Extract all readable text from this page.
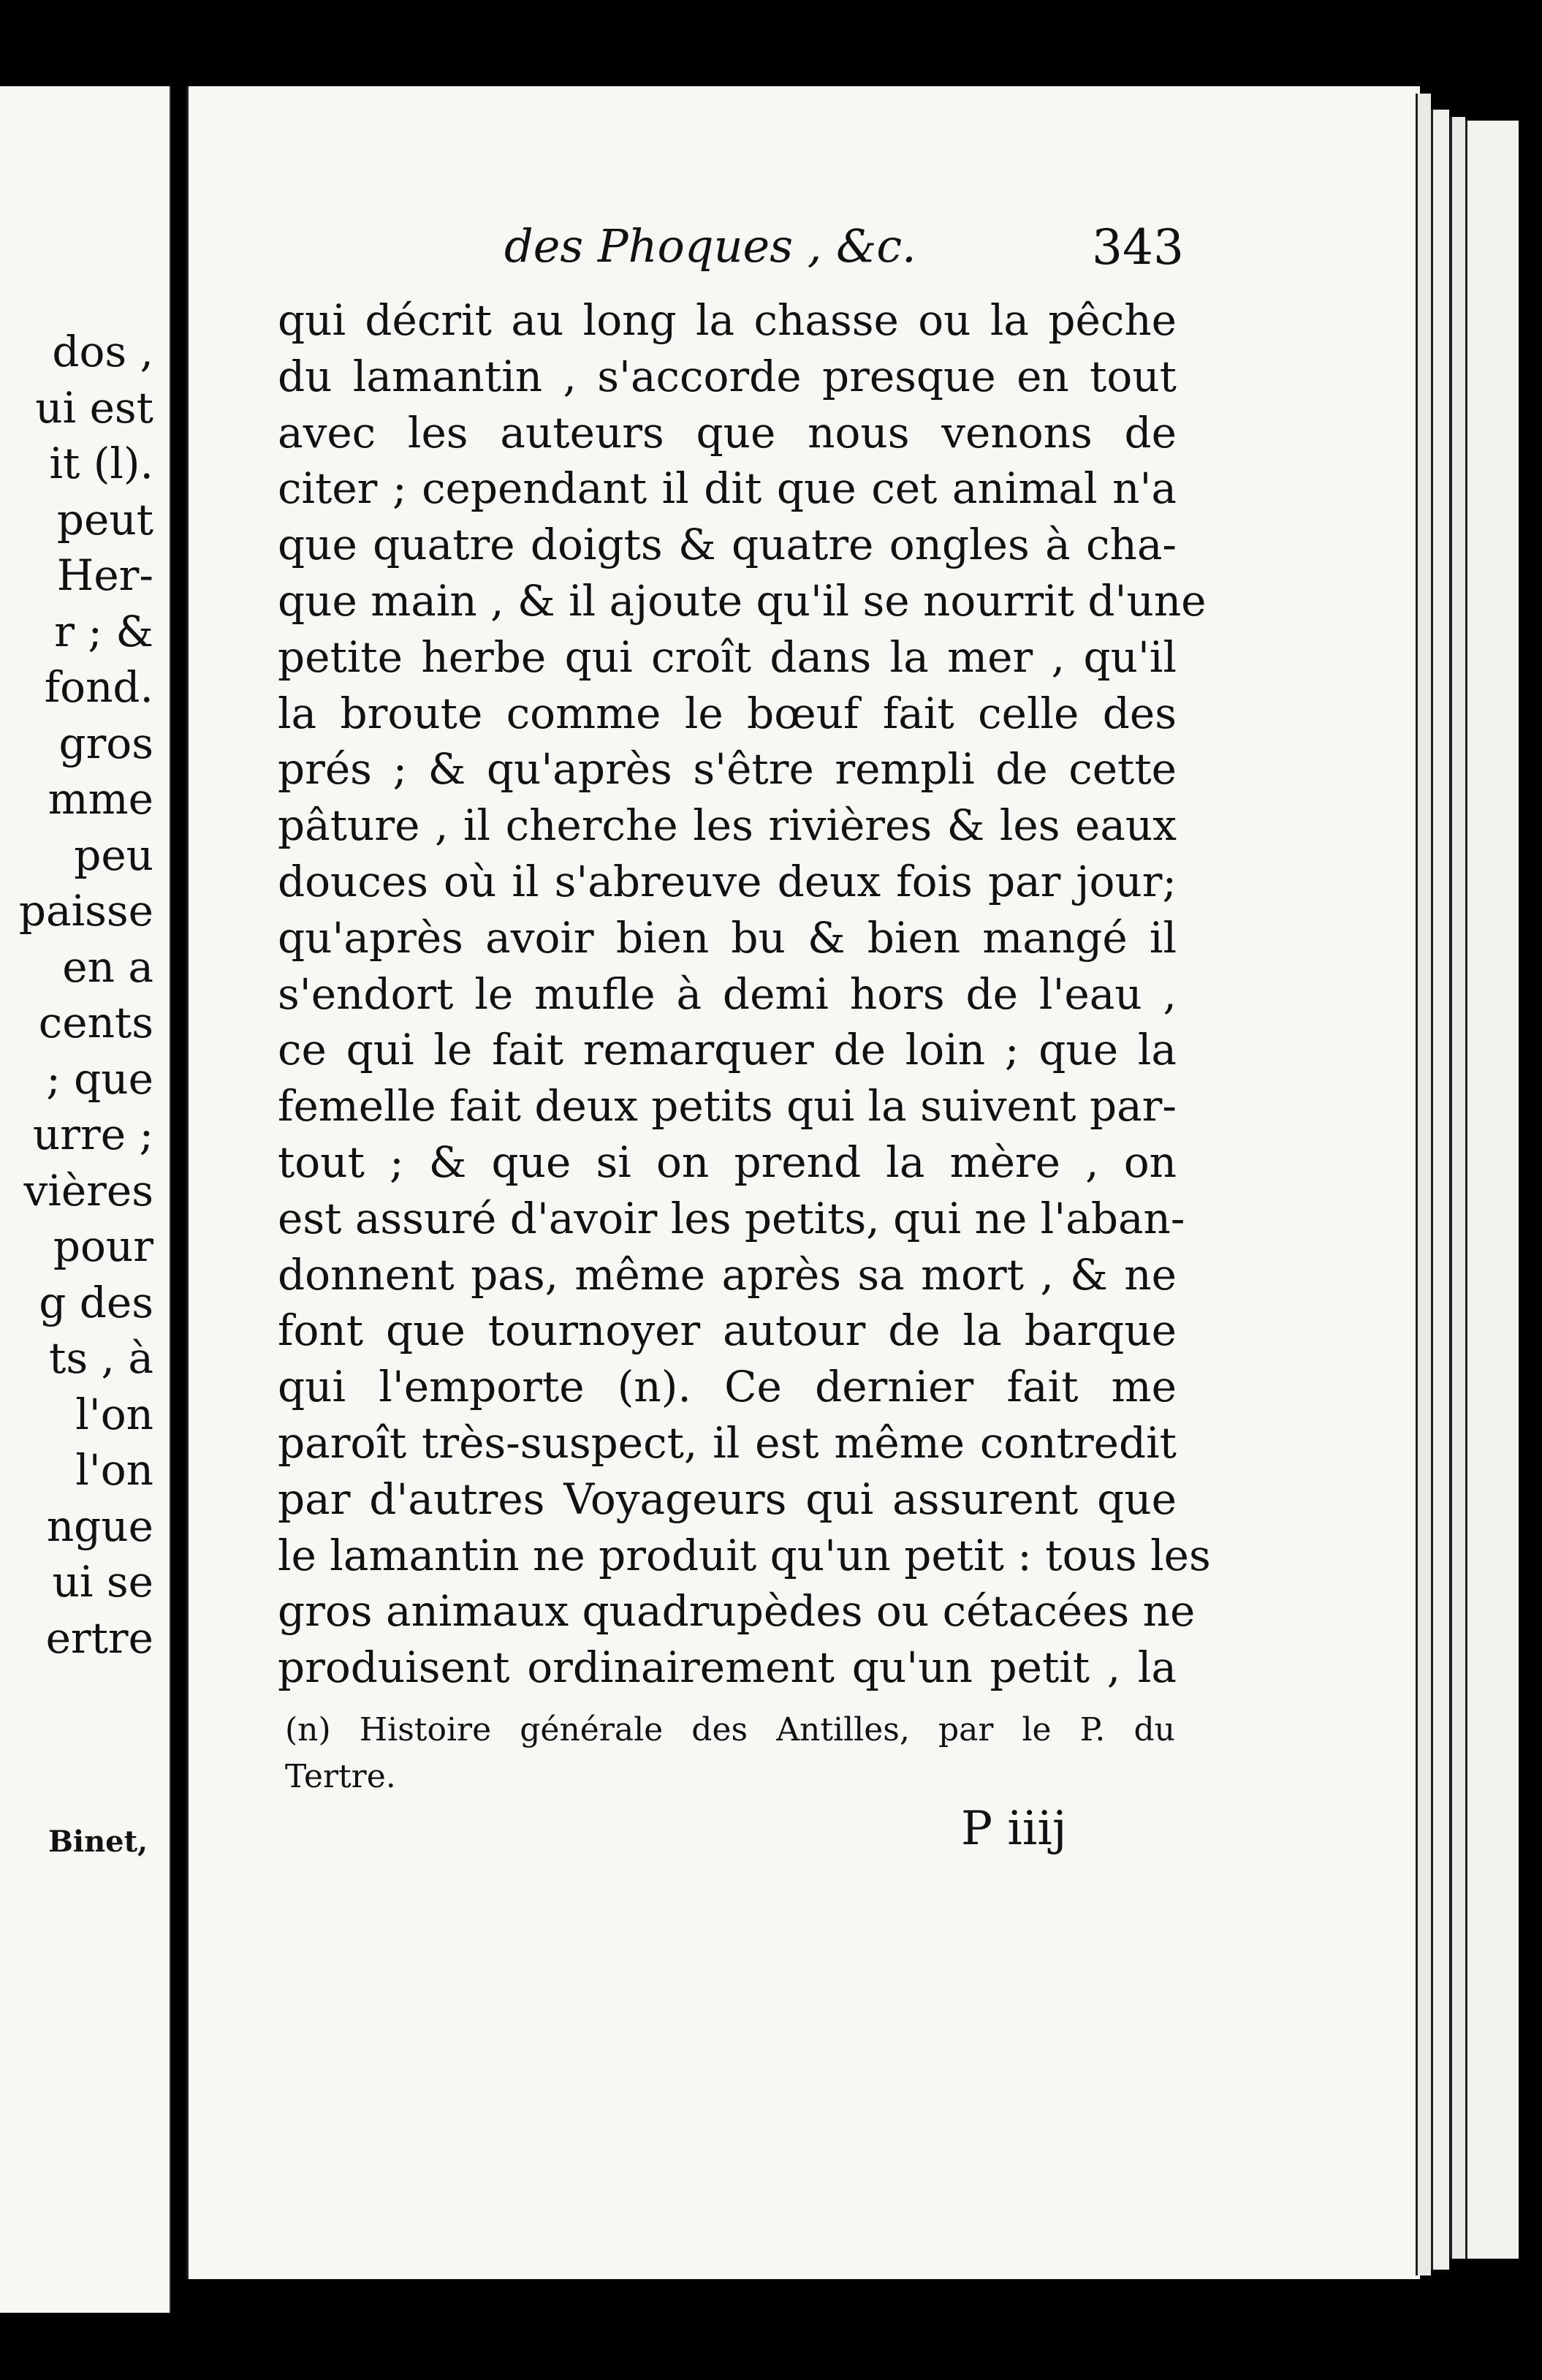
dos ,
ui est
it (l).
peut
Her-
r ; &
fond.
gros
mme
peu
paisse
en a
cents
; que
urre ;
vières
pour
g des
ts , à
l'on
l'on
ngue
ui se
ertre
Binet,
des Phoques , &c.	343
qui décrit au long la chasse ou la pêche
du lamantin , s'accorde presque en tout
avec les auteurs que nous venons de
citer ; cependant il dit que cet animal n'a
que quatre doigts & quatre ongles à cha-
que main , & il ajoute qu'il se nourrit d'une
petite herbe qui croît dans la mer , qu'il
la broute comme le bœuf fait celle des
prés ; & qu'après s'être rempli de cette
pâture , il cherche les rivières & les eaux
douces où il s'abreuve deux fois par jour;
qu'après avoir bien bu & bien mangé il
s'endort le mufle à demi hors de l'eau ,
ce qui le fait remarquer de loin ; que la
femelle fait deux petits qui la suivent par-
tout ; & que si on prend la mère , on
est assuré d'avoir les petits, qui ne l'aban-
donnent pas, même après sa mort , & ne
font que tournoyer autour de la barque
qui l'emporte (n). Ce dernier fait me
paroît très-suspect, il est même contredit
par d'autres Voyageurs qui assurent que
le lamantin ne produit qu'un petit : tous les
gros animaux quadrupèdes ou cétacées ne
produisent ordinairement qu'un petit , la
(n) Histoire générale des Antilles, par le P. du
Tertre.
P iiij
